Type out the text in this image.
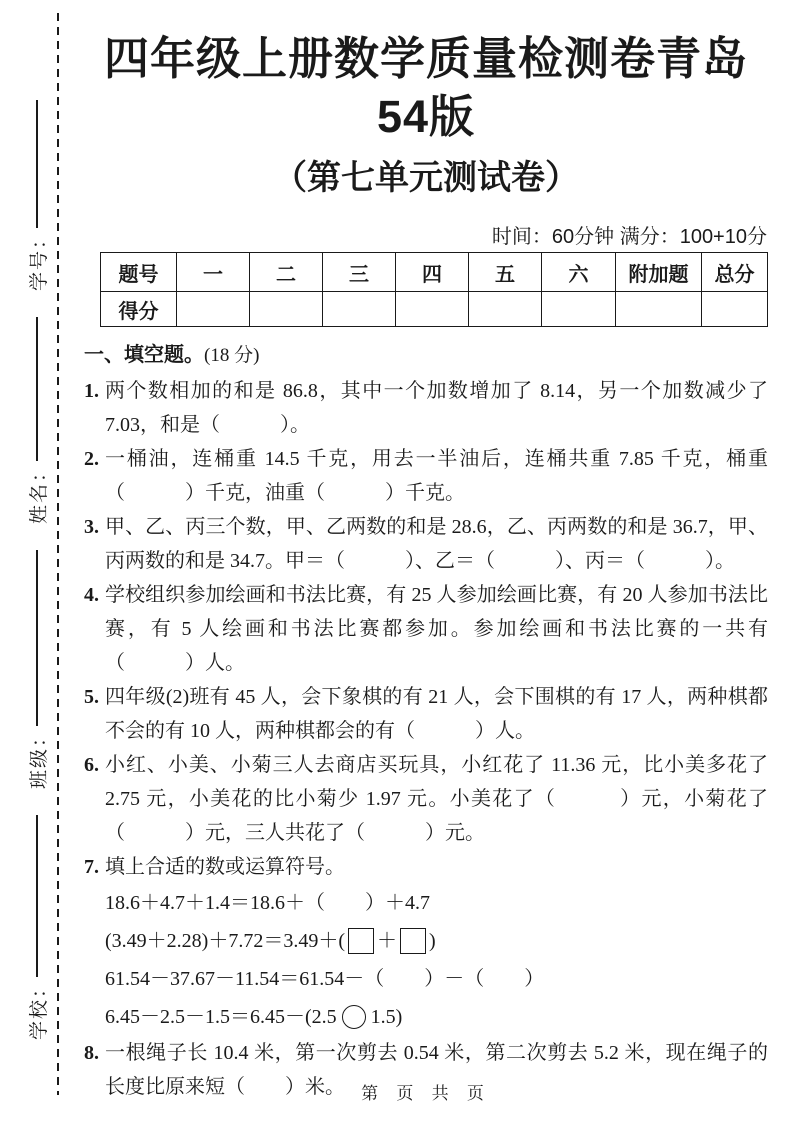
学校：
班级：
姓名：
学号：
四年级上册数学质量检测卷青岛54版
（第七单元测试卷）
时间：60分钟 满分：100+10分
题号	一	二	三	四	五	六	附加题	总分
得分								
一、填空题。(18 分)
1. 两个数相加的和是 86.8，其中一个加数增加了 8.14，另一个加数减少了7.03，和是（　　　）。
2. 一桶油，连桶重 14.5 千克，用去一半油后，连桶共重 7.85 千克，桶重（　　　）千克，油重（　　　）千克。
3. 甲、乙、丙三个数，甲、乙两数的和是 28.6，乙、丙两数的和是 36.7，甲、丙两数的和是 34.7。甲＝（　　　）、乙＝（　　　）、丙＝（　　　）。
4. 学校组织参加绘画和书法比赛，有 25 人参加绘画比赛，有 20 人参加书法比赛，有 5 人绘画和书法比赛都参加。参加绘画和书法比赛的一共有（　　　）人。
5. 四年级(2)班有 45 人，会下象棋的有 21 人，会下围棋的有 17 人，两种棋都不会的有 10 人，两种棋都会的有（　　　）人。
6. 小红、小美、小菊三人去商店买玩具，小红花了 11.36 元，比小美多花了 2.75 元，小美花的比小菊少 1.97 元。小美花了（　　　）元，小菊花了（　　　）元，三人共花了（　　　）元。
7. 填上合适的数或运算符号。
18.6＋4.7＋1.4＝18.6＋（　　）＋4.7
(3.49＋2.28)＋7.72＝3.49＋( ＋ )
61.54－37.67－11.54＝61.54－（　　）－（　　）
6.45－2.5－1.5＝6.45－(2.5 1.5)
8. 一根绳子长 10.4 米，第一次剪去 0.54 米，第二次剪去 5.2 米，现在绳子的长度比原来短（　　）米。 第 页 共 页
